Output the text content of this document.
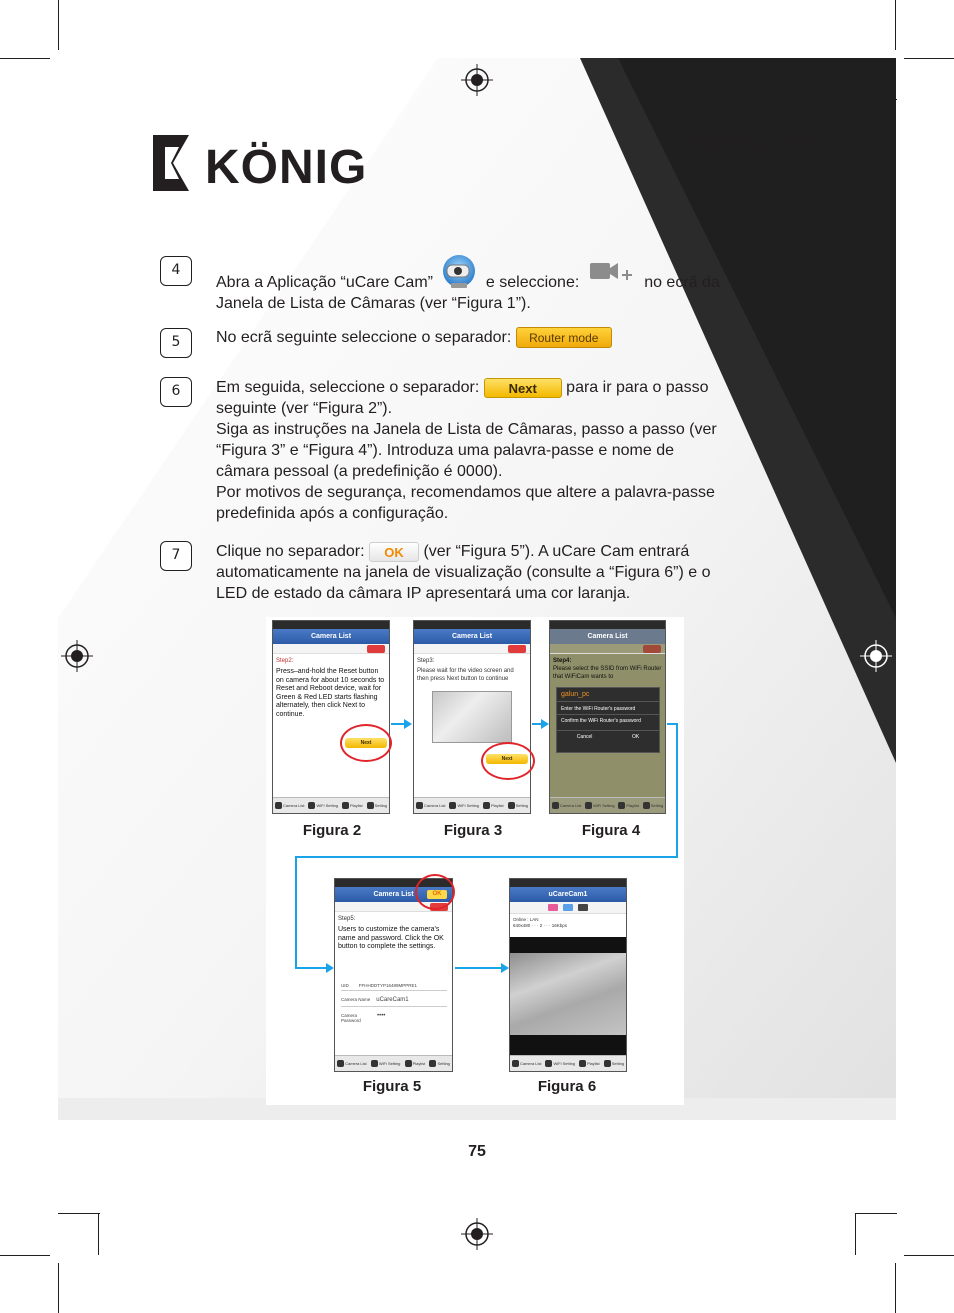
PORTUGUÊS
KÖNIG
4
Abra a Aplicação “uCare Cam”	e seleccione:	no ecrã da Janela de Lista de Câmaras (ver “Figura 1”).
5	No ecrã seguinte seleccione o separador: Router mode
6	Em seguida, seleccione o separador: Next para ir para o passo seguinte (ver “Figura 2”).
Siga as instruções na Janela de Lista de Câmaras, passo a passo (ver “Figura 3” e “Figura 4”). Introduza uma palavra-passe e nome de câmara pessoal (a predefinição é 0000).
Por motivos de segurança, recomendamos que altere a palavra-passe predefinida após a configuração.
7	Clique no separador: OK (ver “Figura 5”). A uCare Cam entrará automaticamente na janela de visualização (consulte a “Figura 6”) e o LED de estado da câmara IP apresentará uma cor laranja.
Camera List
Step2:
Press–and-hold the Reset button on camera for about 10 seconds to Reset and Reboot device, wait for Green & Red LED starts flashing alternately, then click Next to continue.
Next
Camera List	WiFi Setting	Playlist	Setting
Camera List
Step3:
Please wait for the video screen and then press Next button to continue
Next
Camera List	WiFi Setting	Playlist	Setting
Camera List
Step4:
Please select the SSID from WiFi Router that WiFiCam wants to
galun_pc
Enter the WiFi Router's password
Confirm the WiFi Router's password
Cancel	OK
Camera List	WiFi Setting	Playlist	Setting
Figura 2	Figura 3	Figura 4
Camera List	OK
Step5:
Users to customize the camera's name and password. Click the OK button to complete the settings.
UID FFHHDDTYP16489MPPRE1
Camera Name uCareCam1
Camera Password
••••
Camera List	WiFi Setting	Playlist	Setting
uCareCam1
Online : LAN
640x480 · · · 2 · · · 16Kbps
Camera List	WiFi Setting	Playlist	Setting
Figura 5	Figura 6
75
